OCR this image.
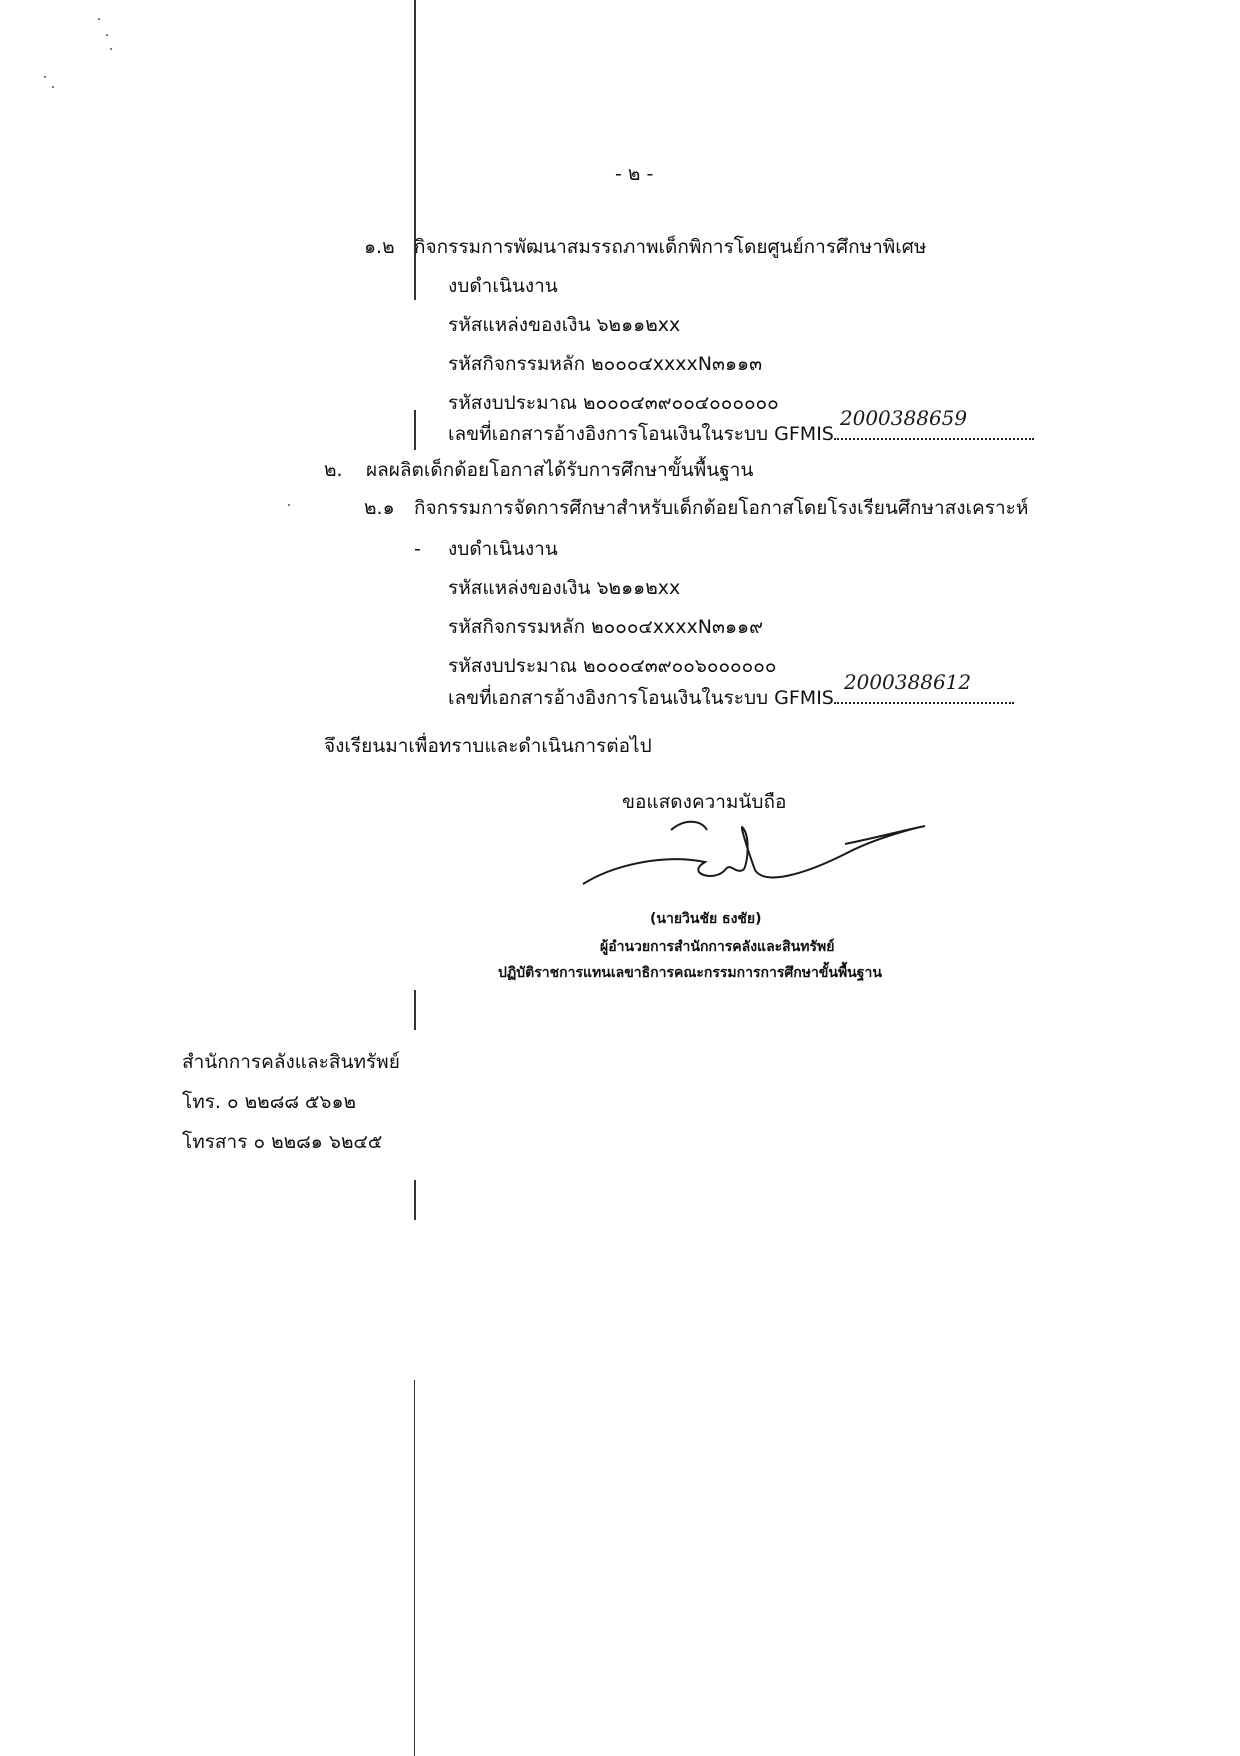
- ๒ -
๑.๒ กิจกรรมการพัฒนาสมรรถภาพเด็กพิการโดยศูนย์การศึกษาพิเศษ
งบดำเนินงาน
รหัสแหล่งของเงิน ๖๒๑๑๒xx
รหัสกิจกรรมหลัก ๒๐๐๐๔xxxxN๓๑๑๓
รหัสงบประมาณ ๒๐๐๐๔๓๙๐๐๔๐๐๐๐๐๐
เลขที่เอกสารอ้างอิงการโอนเงินในระบบ GFMIS
2000388659
๒. ผลผลิตเด็กด้อยโอกาสได้รับการศึกษาขั้นพื้นฐาน
๒.๑ กิจกรรมการจัดการศึกษาสำหรับเด็กด้อยโอกาสโดยโรงเรียนศึกษาสงเคราะห์
- งบดำเนินงาน
รหัสแหล่งของเงิน ๖๒๑๑๒xx
รหัสกิจกรรมหลัก ๒๐๐๐๔xxxxN๓๑๑๙
รหัสงบประมาณ ๒๐๐๐๔๓๙๐๐๖๐๐๐๐๐๐
เลขที่เอกสารอ้างอิงการโอนเงินในระบบ GFMIS
2000388612
จึงเรียนมาเพื่อทราบและดำเนินการต่อไป
ขอแสดงความนับถือ
(นายวินชัย ธงชัย)
ผู้อำนวยการสำนักการคลังและสินทรัพย์
ปฏิบัติราชการแทนเลขาธิการคณะกรรมการการศึกษาขั้นพื้นฐาน
สำนักการคลังและสินทรัพย์
โทร. ๐ ๒๒๘๘ ๕๖๑๒
โทรสาร ๐ ๒๒๘๑ ๖๒๔๕
